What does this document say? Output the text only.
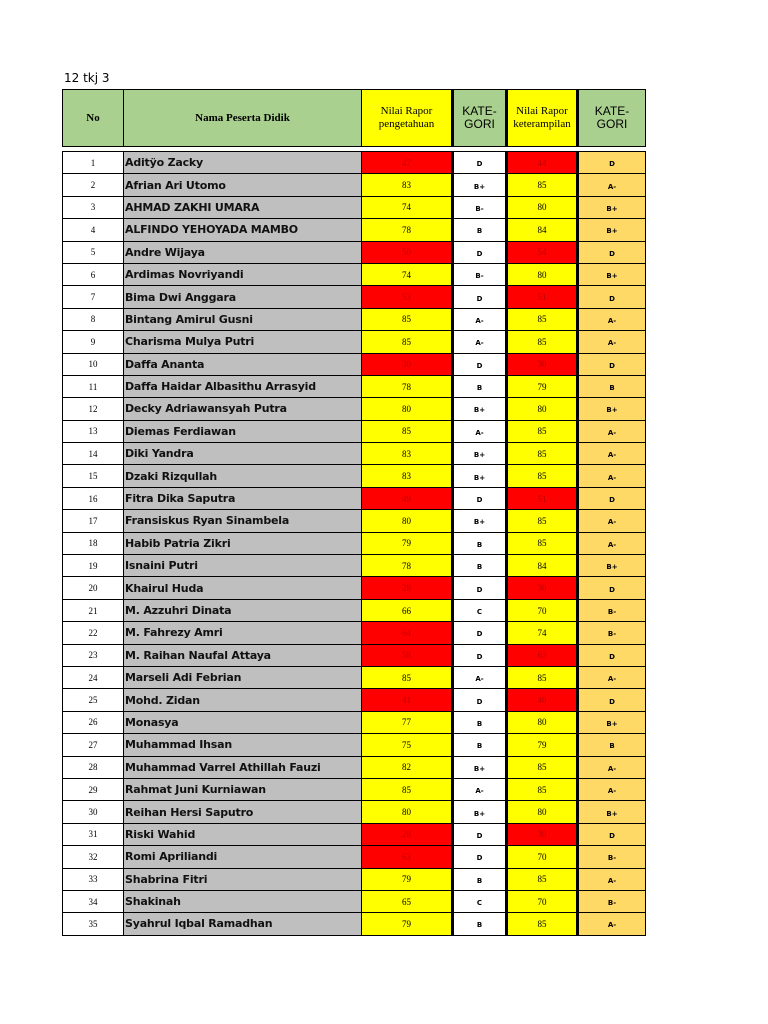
12 tkj 3
No	Nama Peserta Didik	Nilai Rapor pengetahuan	KATE- GORI	Nilai Rapor keterampilan	KATE- GORI

1	Aditÿo Zacky	47	D	44	D
2	Afrian Ari Utomo	83	B+	85	A-
3	AHMAD ZAKHI UMARA	74	B-	80	B+
4	ALFINDO YEHOYADA MAMBO	78	B	84	B+
5	Andre Wijaya	50	D	54	D
6	Ardimas Novriyandi	74	B-	80	B+
7	Bima Dwi Anggara	53	D	51	D
8	Bintang Amirul Gusni	85	A-	85	A-
9	Charisma Mulya Putri	85	A-	85	A-
10	Daffa Ananta	30	D	30	D
11	Daffa Haidar Albasithu Arrasyid	78	B	79	B
12	Decky Adriawansyah Putra	80	B+	80	B+
13	Diemas Ferdiawan	85	A-	85	A-
14	Diki Yandra	83	B+	85	A-
15	Dzaki Rizqullah	83	B+	85	A-
16	Fitra Dika Saputra	49	D	51	D
17	Fransiskus Ryan Sinambela	80	B+	85	A-
18	Habib Patria Zikri	79	B	85	A-
19	Isnaini Putri	78	B	84	B+
20	Khairul Huda	28	D	30	D
21	M. Azzuhri Dinata	66	C	70	B-
22	M. Fahrezy Amri	64	D	74	B-
23	M. Raihan Naufal Attaya	58	D	63	D
24	Marseli Adi Febrian	85	A-	85	A-
25	Mohd. Zidan	41	D	40	D
26	Monasya	77	B	80	B+
27	Muhammad Ihsan	75	B	79	B
28	Muhammad Varrel Athillah Fauzi	82	B+	85	A-
29	Rahmat Juni Kurniawan	85	A-	85	A-
30	Reihan Hersi Saputro	80	B+	80	B+
31	Riski Wahid	28	D	30	D
32	Romi Apriliandi	63	D	70	B-
33	Shabrina Fitri	79	B	85	A-
34	Shakinah	65	C	70	B-
35	Syahrul Iqbal Ramadhan	79	B	85	A-
